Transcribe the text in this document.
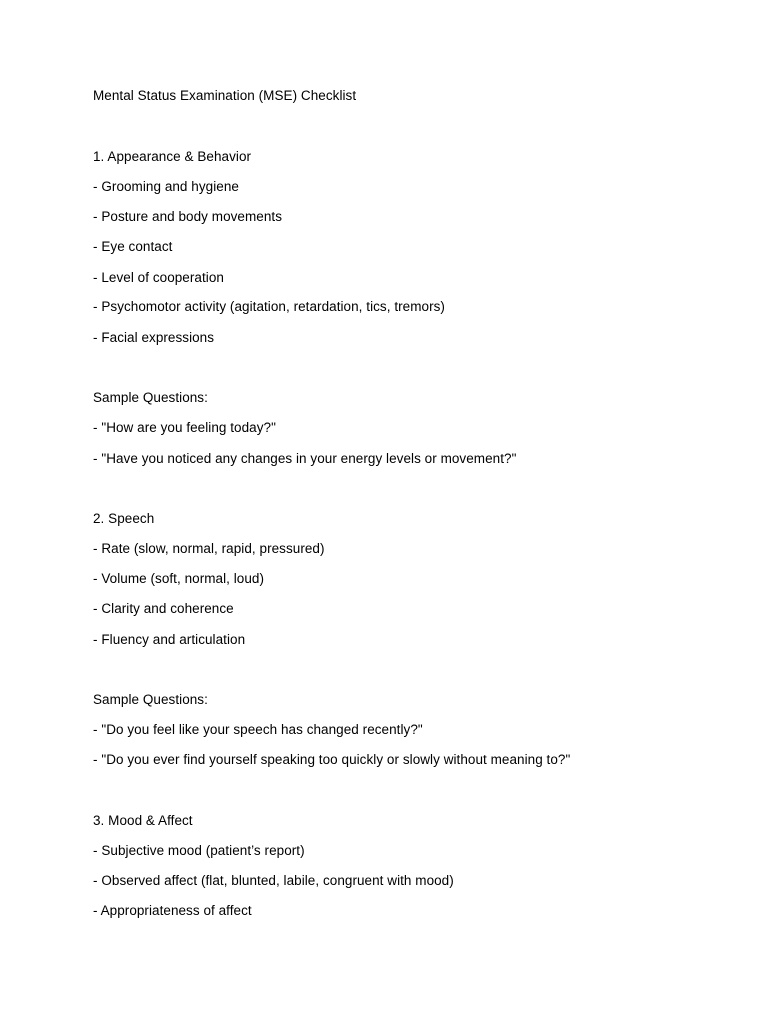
Mental Status Examination (MSE) Checklist
1. Appearance & Behavior
- Grooming and hygiene
- Posture and body movements
- Eye contact
- Level of cooperation
- Psychomotor activity (agitation, retardation, tics, tremors)
- Facial expressions
Sample Questions:
- "How are you feeling today?"
- "Have you noticed any changes in your energy levels or movement?"
2. Speech
- Rate (slow, normal, rapid, pressured)
- Volume (soft, normal, loud)
- Clarity and coherence
- Fluency and articulation
Sample Questions:
- "Do you feel like your speech has changed recently?"
- "Do you ever find yourself speaking too quickly or slowly without meaning to?"
3. Mood & Affect
- Subjective mood (patient’s report)
- Observed affect (flat, blunted, labile, congruent with mood)
- Appropriateness of affect
